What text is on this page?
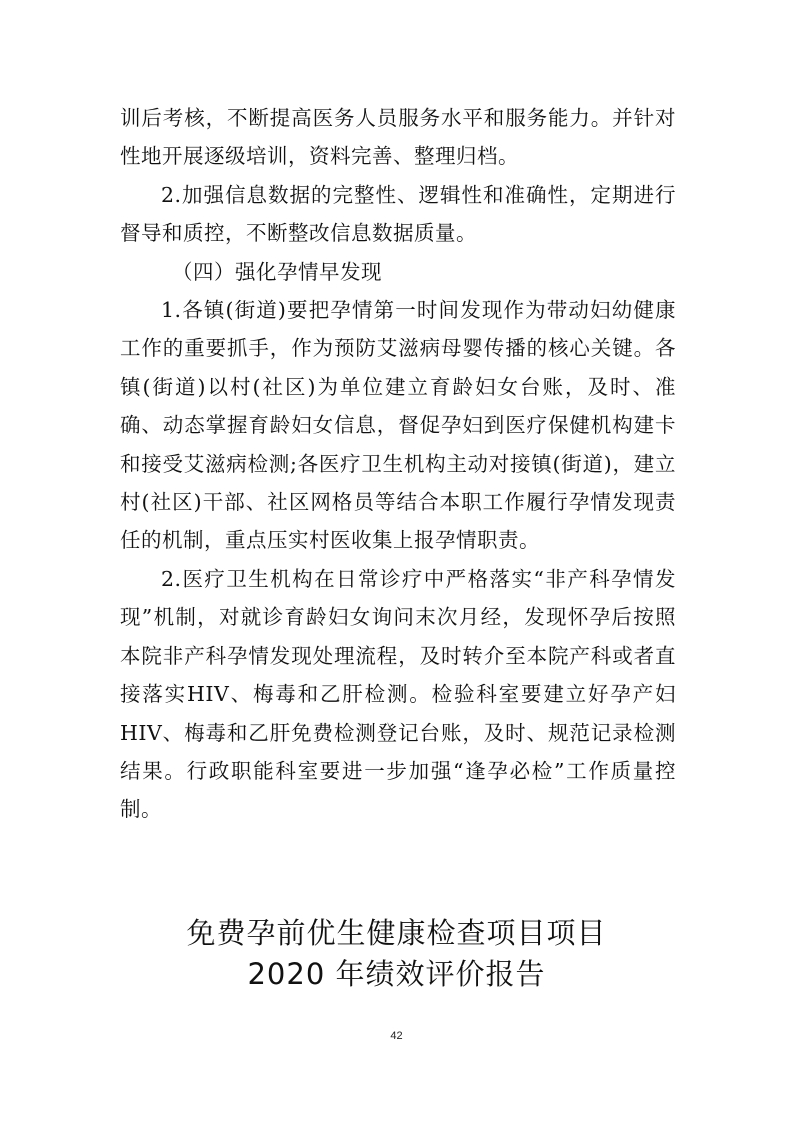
训后考核，不断提高医务人员服务水平和服务能力。并针对性地开展逐级培训，资料完善、整理归档。

2.加强信息数据的完整性、逻辑性和准确性，定期进行督导和质控，不断整改信息数据质量。

（四）强化孕情早发现

1.各镇(街道)要把孕情第一时间发现作为带动妇幼健康工作的重要抓手，作为预防艾滋病母婴传播的核心关键。各镇(街道)以村(社区)为单位建立育龄妇女台账，及时、准确、动态掌握育龄妇女信息，督促孕妇到医疗保健机构建卡和接受艾滋病检测;各医疗卫生机构主动对接镇(街道)，建立村(社区)干部、社区网格员等结合本职工作履行孕情发现责任的机制，重点压实村医收集上报孕情职责。

2.医疗卫生机构在日常诊疗中严格落实“非产科孕情发现”机制，对就诊育龄妇女询问末次月经，发现怀孕后按照本院非产科孕情发现处理流程，及时转介至本院产科或者直接落实HIV、梅毒和乙肝检测。检验科室要建立好孕产妇HIV、梅毒和乙肝免费检测登记台账，及时、规范记录检测结果。行政职能科室要进一步加强“逢孕必检”工作质量控制。

免费孕前优生健康检查项目项目
2020 年绩效评价报告
42
